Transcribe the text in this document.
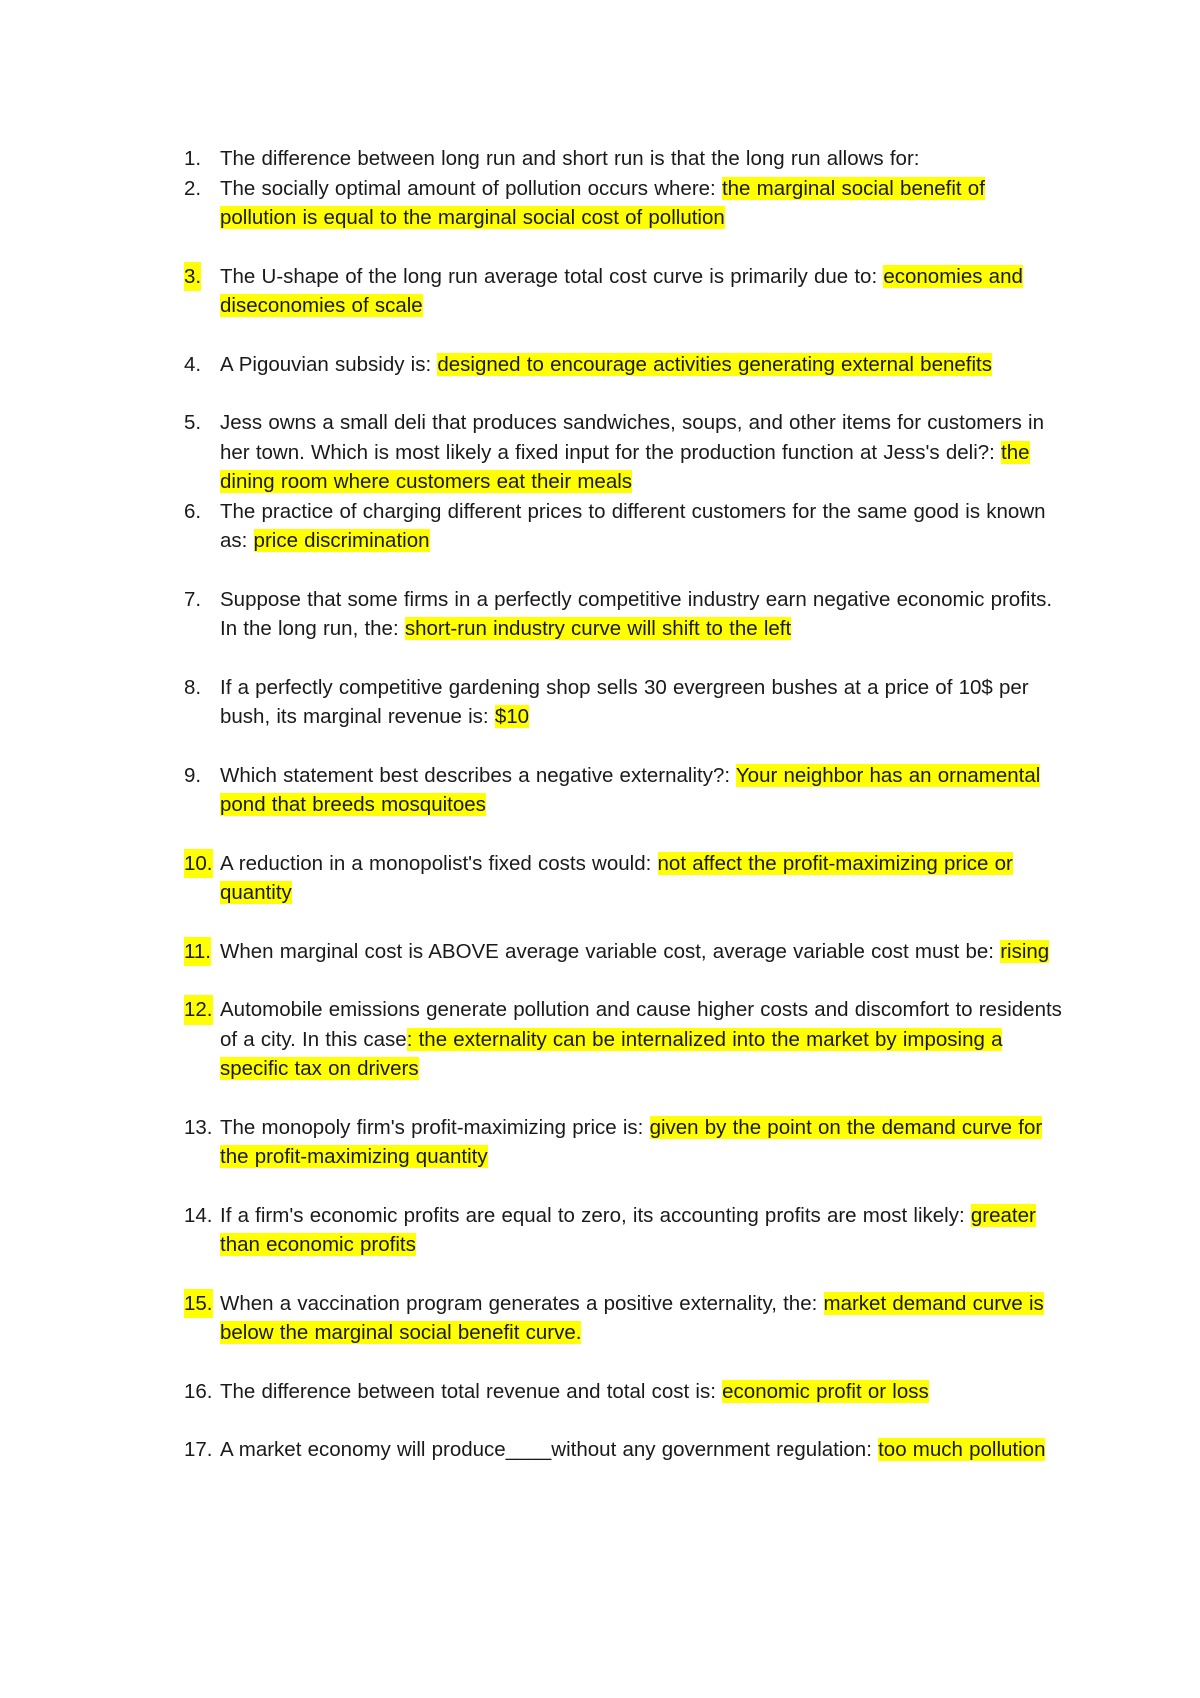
1. The difference between long run and short run is that the long run allows for:
2. The socially optimal amount of pollution occurs where: the marginal social benefit of pollution is equal to the marginal social cost of pollution
3. The U-shape of the long run average total cost curve is primarily due to: economies and diseconomies of scale
4. A Pigouvian subsidy is: designed to encourage activities generating external benefits
5. Jess owns a small deli that produces sandwiches, soups, and other items for customers in her town. Which is most likely a fixed input for the production function at Jess's deli?: the dining room where customers eat their meals
6. The practice of charging different prices to different customers for the same good is known as: price discrimination
7. Suppose that some firms in a perfectly competitive industry earn negative economic profits. In the long run, the: short-run industry curve will shift to the left
8. If a perfectly competitive gardening shop sells 30 evergreen bushes at a price of 10$ per bush, its marginal revenue is: $10
9. Which statement best describes a negative externality?: Your neighbor has an ornamental pond that breeds mosquitoes
10. A reduction in a monopolist's fixed costs would: not affect the profit-maximizing price or quantity
11. When marginal cost is ABOVE average variable cost, average variable cost must be: rising
12. Automobile emissions generate pollution and cause higher costs and discomfort to residents of a city. In this case: the externality can be internalized into the market by imposing a specific tax on drivers
13. The monopoly firm's profit-maximizing price is: given by the point on the demand curve for the profit-maximizing quantity
14. If a firm's economic profits are equal to zero, its accounting profits are most likely: greater than economic profits
15. When a vaccination program generates a positive externality, the: market demand curve is below the marginal social benefit curve.
16. The difference between total revenue and total cost is: economic profit or loss
17. A market economy will produce____without any government regulation: too much pollution
